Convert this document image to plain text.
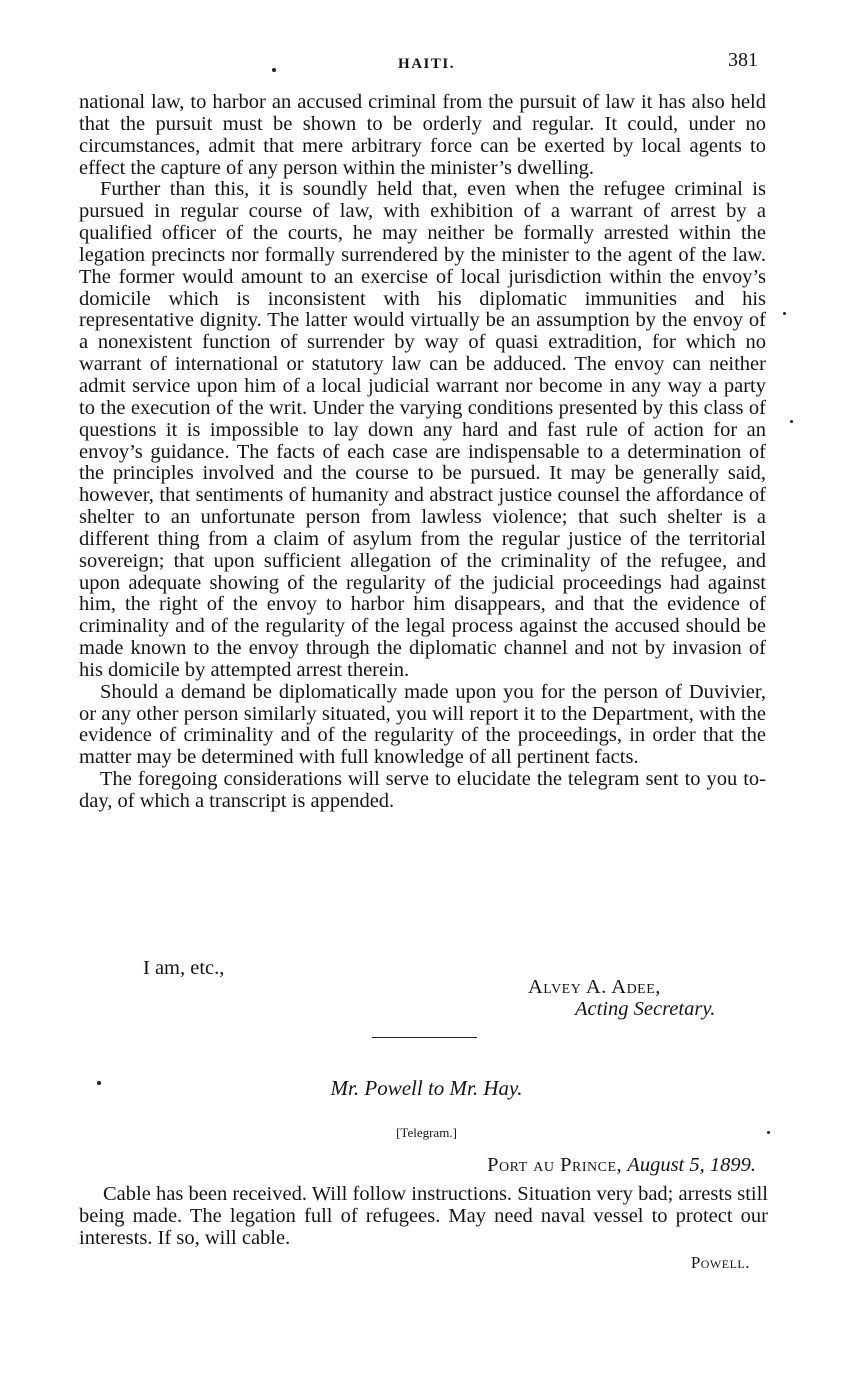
HAITI.	381

national law, to harbor an accused criminal from the pursuit of law it has also held that the pursuit must be shown to be orderly and regular. It could, under no circumstances, admit that mere arbitrary force can be exerted by local agents to effect the capture of any person within the minister’s dwelling.

Further than this, it is soundly held that, even when the refugee criminal is pursued in regular course of law, with exhibition of a warrant of arrest by a qualified officer of the courts, he may neither be formally arrested within the legation precincts nor formally surrendered by the minister to the agent of the law. The former would amount to an exercise of local jurisdiction within the envoy’s domicile which is inconsistent with his diplomatic immunities and his representative dignity. The latter would virtually be an assumption by the envoy of a nonexistent function of surrender by way of quasi extradition, for which no warrant of international or statutory law can be adduced. The envoy can neither admit service upon him of a local judicial warrant nor become in any way a party to the execution of the writ. Under the varying conditions presented by this class of questions it is impossible to lay down any hard and fast rule of action for an envoy’s guidance. The facts of each case are indispensable to a determination of the principles involved and the course to be pursued. It may be generally said, however, that sentiments of humanity and abstract justice counsel the affordance of shelter to an unfortunate person from lawless violence; that such shelter is a different thing from a claim of asylum from the regular justice of the territorial sovereign; that upon sufficient allegation of the criminality of the refugee, and upon adequate showing of the regularity of the judicial proceedings had against him, the right of the envoy to harbor him disappears, and that the evidence of criminality and of the regularity of the legal process against the accused should be made known to the envoy through the diplomatic channel and not by invasion of his domicile by attempted arrest therein.

Should a demand be diplomatically made upon you for the person of Duvivier, or any other person similarly situated, you will report it to the Department, with the evidence of criminality and of the regularity of the proceedings, in order that the matter may be determined with full knowledge of all pertinent facts.

The foregoing considerations will serve to elucidate the telegram sent to you to-day, of which a transcript is appended.

I am, etc.,
Alvey A. Adee,
Acting Secretary.
Mr. Powell to Mr. Hay.
[Telegram.]
Port au Prince, August 5, 1899.

Cable has been received. Will follow instructions. Situation very bad; arrests still being made. The legation full of refugees. May need naval vessel to protect our interests. If so, will cable.

Powell.
